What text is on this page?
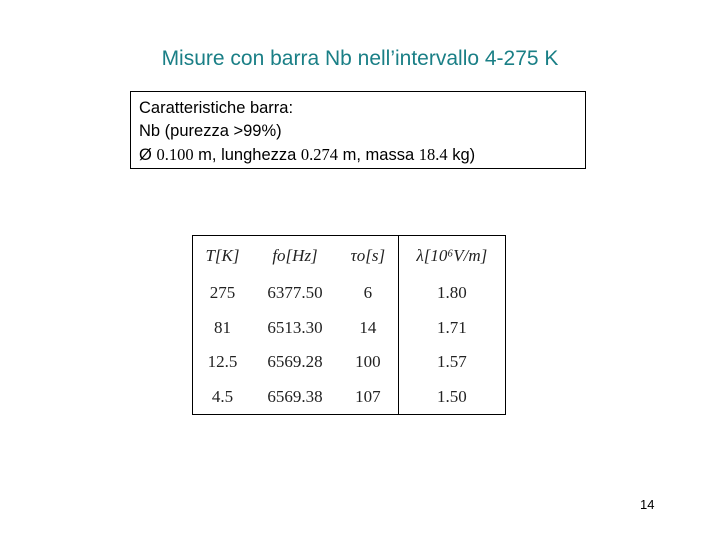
Misure con barra Nb nell’intervallo 4-275 K
Caratteristiche barra:
Nb (purezza >99%)
Ø 0.100 m, lunghezza 0.274 m, massa 18.4 kg)
T[K]	fo[Hz]	τo[s]	λ[10⁶V/m]
275	6377.50	6	1.80
81	6513.30	14	1.71
12.5	6569.28	100	1.57
4.5	6569.38	107	1.50
14
